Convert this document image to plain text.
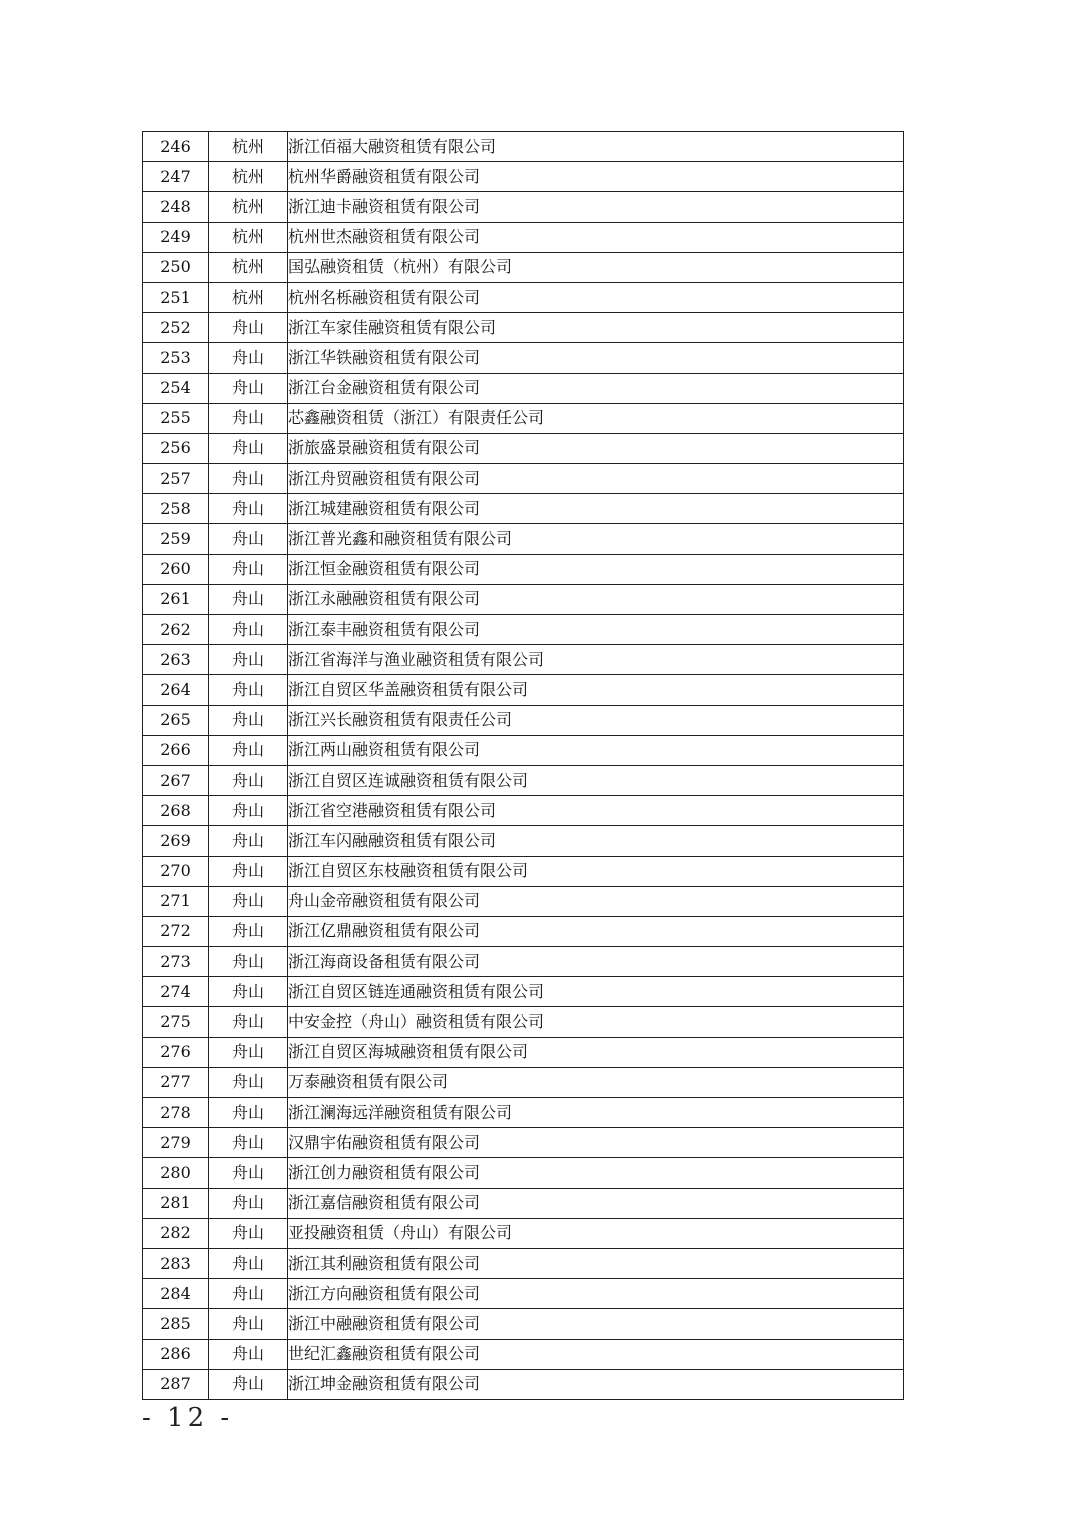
246	杭州	浙江佰福大融资租赁有限公司
247	杭州	杭州华爵融资租赁有限公司
248	杭州	浙江迪卡融资租赁有限公司
249	杭州	杭州世杰融资租赁有限公司
250	杭州	国弘融资租赁（杭州）有限公司
251	杭州	杭州名栎融资租赁有限公司
252	舟山	浙江车家佳融资租赁有限公司
253	舟山	浙江华铁融资租赁有限公司
254	舟山	浙江台金融资租赁有限公司
255	舟山	芯鑫融资租赁（浙江）有限责任公司
256	舟山	浙旅盛景融资租赁有限公司
257	舟山	浙江舟贸融资租赁有限公司
258	舟山	浙江城建融资租赁有限公司
259	舟山	浙江普光鑫和融资租赁有限公司
260	舟山	浙江恒金融资租赁有限公司
261	舟山	浙江永融融资租赁有限公司
262	舟山	浙江泰丰融资租赁有限公司
263	舟山	浙江省海洋与渔业融资租赁有限公司
264	舟山	浙江自贸区华盖融资租赁有限公司
265	舟山	浙江兴长融资租赁有限责任公司
266	舟山	浙江两山融资租赁有限公司
267	舟山	浙江自贸区连诚融资租赁有限公司
268	舟山	浙江省空港融资租赁有限公司
269	舟山	浙江车闪融融资租赁有限公司
270	舟山	浙江自贸区东枝融资租赁有限公司
271	舟山	舟山金帝融资租赁有限公司
272	舟山	浙江亿鼎融资租赁有限公司
273	舟山	浙江海商设备租赁有限公司
274	舟山	浙江自贸区链连通融资租赁有限公司
275	舟山	中安金控（舟山）融资租赁有限公司
276	舟山	浙江自贸区海城融资租赁有限公司
277	舟山	万泰融资租赁有限公司
278	舟山	浙江澜海远洋融资租赁有限公司
279	舟山	汉鼎宇佑融资租赁有限公司
280	舟山	浙江创力融资租赁有限公司
281	舟山	浙江嘉信融资租赁有限公司
282	舟山	亚投融资租赁（舟山）有限公司
283	舟山	浙江其利融资租赁有限公司
284	舟山	浙江方向融资租赁有限公司
285	舟山	浙江中融融资租赁有限公司
286	舟山	世纪汇鑫融资租赁有限公司
287	舟山	浙江坤金融资租赁有限公司
- 12 -
